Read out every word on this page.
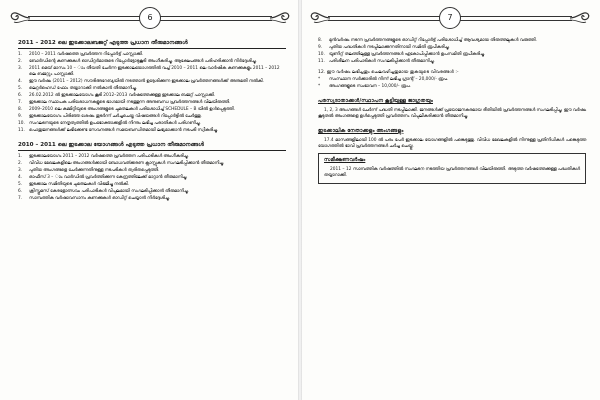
6
2011 – 2012 ലെ ഇടക്കാലബജറ്റ് എടുത്ത പ്രധാന തീരുമാനങ്ങൾ
1.	2010 – 2011 വർഷത്തെ പ്രവർത്തന റിപ്പോർട്ട് പാസ്സാക്കി.
2.	ബോർഡിന്റെ കണക്കുകൾ ഓഡിറ്റർമാരുടെ റിപ്പോർട്ടോടുകൂടി അംഗീകരിച്ചു. ആക്ഷേപങ്ങൾ പരിഹരിക്കാൻ നിർദ്ദേശിച്ചു.
3.	2011 മെയ് മാസം 10 – ാം തീയതി ചേർന്ന ഇടക്കാലയോഗത്തിൽ വച്ച് 2010 – 2011 ലെ വാർഷിക കണക്കുകളും 2011 – 2012 ലെ ബജറ്റും പാസ്സാക്കി.
4.	ഈ വർഷം (2011 – 2012) സൗദിഅറേബ്യയിൽ നടത്താൻ ഉദ്ദേശിക്കുന്ന ഇടക്കാല പ്രവർത്തനങ്ങൾക്ക് അനുമതി നൽകി.
5.	ലെറ്റർഹെഡ് ഫോം തയ്യാറാക്കി നൽകാൻ തീരുമാനിച്ചു.
6.	26.02.2012 ൽ ഇടക്കാലയോഗം കൂടി 2012–2013 വർഷത്തേക്കുള്ള ഇടക്കാല ബജറ്റ് പാസ്സാക്കി.
7.	ഇടക്കാല സ്ഥാപക പരിശോധനകളുടെ ഭാഗമായി നടത്തുന്ന അനുബന്ധ പ്രവർത്തനങ്ങൾ വിലയിരുത്തി.
8.	2009–2010 ലെ കമ്മിറ്റിയുടെ അംഗങ്ങളുടെ ചുമതലകൾ പരിശോധിച്ച് SCHEDULE – B യിൽ ഉൾപ്പെടുത്തി.
9.	ഇടക്കാലയോഗം പിരിഞ്ഞ ശേഷം തുടർന്ന് ചർച്ചചെയ്ത വിഷയങ്ങൾ റിപ്പോർട്ടിൽ ചേർത്തു.
10. സംഘടനയുടെ നേതൃത്വത്തിൽ ഉപഭോക്താക്കളിൽ നിന്നും ലഭിച്ച പരാതികൾ പരിഗണിച്ചു.
11. പൊതുജനങ്ങൾക്ക് ലഭിക്കേണ്ട സേവനങ്ങൾ സമയബന്ധിതമായി ലഭ്യമാക്കാൻ നടപടി സ്വീകരിച്ചു.
2010 – 2011 ലെ ഇടക്കാല യോഗങ്ങൾ എടുത്ത പ്രധാന തീരുമാനങ്ങൾ
1.	ഇടക്കാലയോഗം 2011 – 2012 വർഷത്തെ പ്രവർത്തന പരിപാടികൾ അംഗീകരിച്ചു.
2.	വിവിധ മേഖലകളിലെ അംഗങ്ങൾക്കായി ബോധവത്ക്കരണ ക്ലാസ്സുകൾ സംഘടിപ്പിക്കാൻ തീരുമാനിച്ചു.
3.	പുതിയ അംഗങ്ങളെ ചേർക്കുന്നതിനുള്ള നടപടികൾ ത്വരിതപ്പെടുത്തി.
4.	ഓഫീസ് 3 – ാം വാർഡിൽ പ്രവർത്തിക്കുന്ന കേന്ദ്രത്തിലേക്ക് മാറ്റാൻ തീരുമാനിച്ചു.
5.	ഇടക്കാല സമിതിയുടെ ചുമതലകൾ വിഭജിച്ചു നൽകി.
6.	ക്രിസ്തുമസ് കേരളോത്സവം പരിപാടികൾ വിപുലമായി സംഘടിപ്പിക്കാൻ തീരുമാനിച്ചു.
7.	സാമ്പത്തിക വർഷാവസാനം കണക്കുകൾ ഓഡിറ്റ് ചെയ്യാൻ നിർദ്ദേശിച്ചു.
7
8.	മുൻവർഷം നടന്ന പ്രവർത്തനങ്ങളുടെ ഓഡിറ്റ് റിപ്പോർട്ട് പരിശോധിച്ച് ആവശ്യമായ തിരുത്തലുകൾ വരുത്തി.
9.	പുതിയ പദ്ധതികൾ നടപ്പിലാക്കുന്നതിനായി സമിതി രൂപീകരിച്ചു.
10. യൂണിറ്റ് തലത്തിലുള്ള പ്രവർത്തനങ്ങൾ ഏകോപിപ്പിക്കാൻ ഉപസമിതി രൂപീകരിച്ചു.
11. പരിശീലന പരിപാടികൾ സംഘടിപ്പിക്കാൻ തീരുമാനിച്ചു.
12. ഈ വർഷം ലഭിച്ചതും ചെലവഴിച്ചതുമായ തുകയുടെ വിവരങ്ങൾ :-
*	സംസ്ഥാന സർക്കാരിൽ നിന്ന് ലഭിച്ച ഗ്രാന്റ് – 20,000/- രൂപ.
*	അംഗങ്ങളുടെ സംഭാവന – 10,000/- രൂപ.
പരസ്യദാതാക്കൾ/സ്ഥാപന കൂട്ടിയുള്ള ജാഗ്രതയും

1, 2, 3 അംഗങ്ങൾ ചേർന്ന് പദ്ധതി നടപ്പിലാക്കി. ജനങ്ങൾക്ക് പ്രയോജനകരമായ രീതിയിൽ പ്രവർത്തനങ്ങൾ സംഘടിപ്പിച്ചു. ഈ വർഷം കൂടുതൽ അംഗങ്ങളെ ഉൾപ്പെടുത്തി പ്രവർത്തനം വിപുലീകരിക്കാൻ തീരുമാനിച്ചു.

ഇടക്കാലിക നേതാക്കളും അംഗങ്ങളും

17.4 മാസങ്ങളിലായി 100 ൽ പരം പേർ ഇടക്കാല യോഗങ്ങളിൽ പങ്കെടുത്തു. വിവിധ മേഖലകളിൽ നിന്നുള്ള പ്രതിനിധികൾ പങ്കെടുത്ത യോഗത്തിൽ ഭാവി പ്രവർത്തനങ്ങൾ ചർച്ച ചെയ്തു.

സമീക്ഷണവർഷം

2011 – 12 സാമ്പത്തിക വർഷത്തിൽ സംഘടന നടത്തിയ പ്രവർത്തനങ്ങൾ വിലയിരുത്തി. അടുത്ത വർഷത്തേക്കുള്ള പദ്ധതികൾ തയ്യാറാക്കി.
